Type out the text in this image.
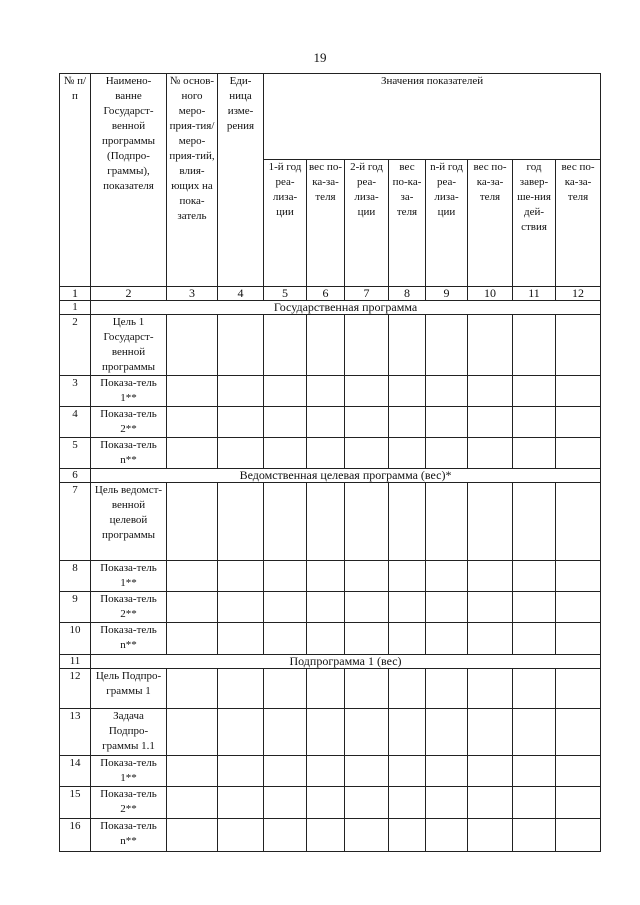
19
№ п/п	Наимено-ванне Государст-венной программы (Подпро-граммы), показателя	№ основ-ного меро-прия-тия/ меро-прия-тий, влия-ющих на пока-затель	Еди-ница изме-рения	Значения показателей							
				1-й год реа-лиза-ции	вес по-ка-за-теля	2-й год реа-лиза-ции	вес по-ка-за-теля	n-й год реа-лиза-ции	вес по-ка-за-теля	год завер-ше-ния дей-ствия	вес по-ка-за-теля
1	2	3	4	5	6	7	8	9	10	11	12
1	Государственная программа										
2	Цель 1 Государст-венной программы										
3	Показа-тель 1**										
4	Показа-тель 2**										
5	Показа-тель n**										
6	Ведомственная целевая программа (вес)*										
7	Цель ведомст-венной целевой программы										
8	Показа-тель 1**										
9	Показа-тель 2**										
10	Показа-тель n**										
11	Подпрограмма 1 (вес)										
12	Цель Подпро-граммы 1										
13	Задача Подпро-граммы 1.1										
14	Показа-тель 1**										
15	Показа-тель 2**										
16	Показа-тель n**										
